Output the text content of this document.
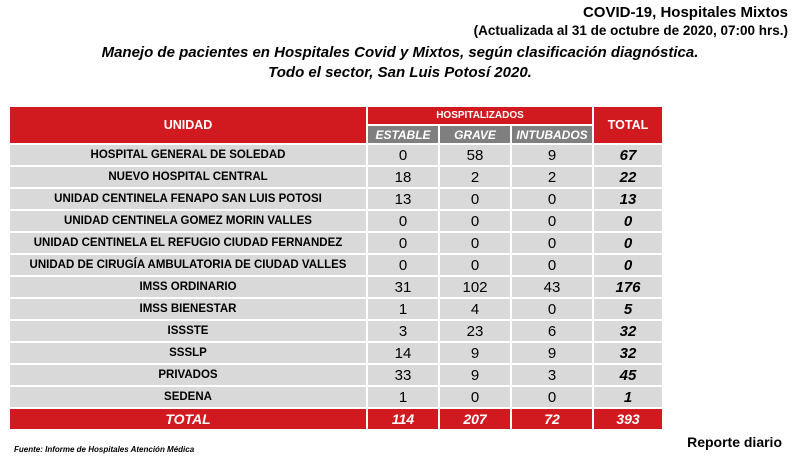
COVID-19, Hospitales Mixtos
(Actualizada al 31 de octubre de 2020, 07:00 hrs.)
Manejo de pacientes en Hospitales Covid y Mixtos, según clasificación diagnóstica.
Todo el sector, San Luis Potosí 2020.
UNIDAD	HOSPITALIZADOS			TOTAL
	ESTABLE	GRAVE	INTUBADOS	
HOSPITAL GENERAL DE SOLEDAD	0	58	9	67
NUEVO HOSPITAL CENTRAL	18	2	2	22
UNIDAD CENTINELA FENAPO SAN LUIS POTOSI	13	0	0	13
UNIDAD CENTINELA GOMEZ MORIN VALLES	0	0	0	0
UNIDAD CENTINELA EL REFUGIO CIUDAD FERNANDEZ	0	0	0	0
UNIDAD DE CIRUGÍA AMBULATORIA DE CIUDAD VALLES	0	0	0	0
IMSS ORDINARIO	31	102	43	176
IMSS BIENESTAR	1	4	0	5
ISSSTE	3	23	6	32
SSSLP	14	9	9	32
PRIVADOS	33	9	3	45
SEDENA	1	0	0	1
TOTAL	114	207	72	393
Fuente: Informe de Hospitales Atención Médica	Reporte diario
